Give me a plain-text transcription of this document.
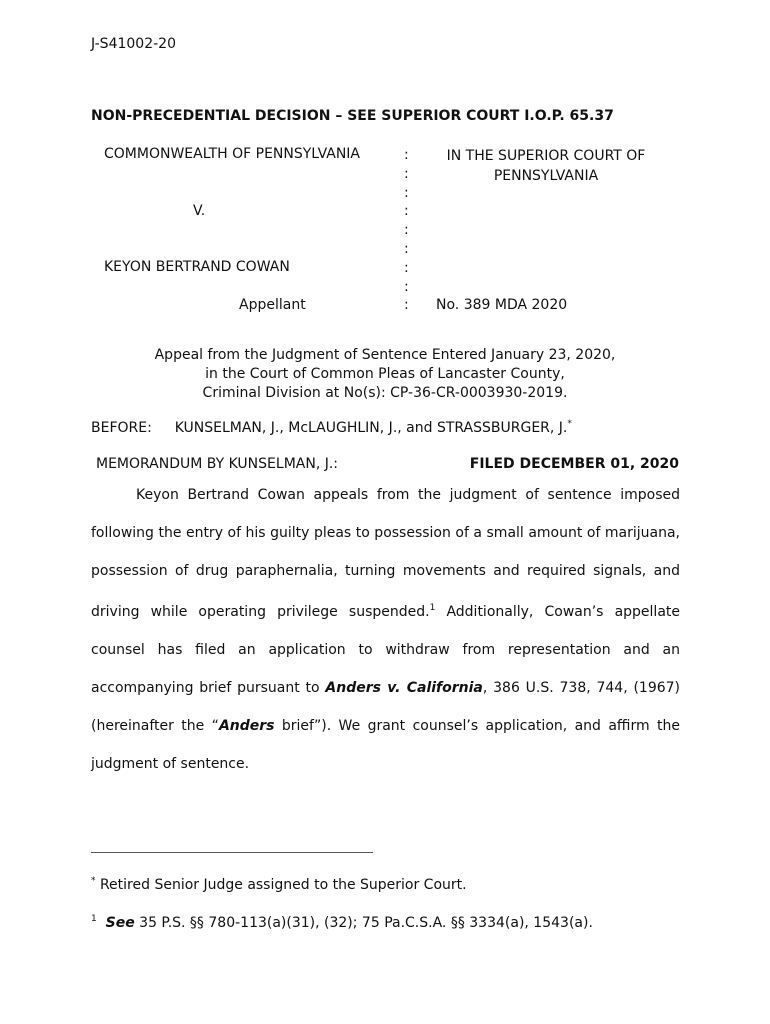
J-S41002-20
NON-PRECEDENTIAL DECISION – SEE SUPERIOR COURT I.O.P. 65.37
COMMONWEALTH OF PENNSYLVANIA
V.
KEYON BERTRAND COWAN
Appellant
:
:
:
:
:
:
:
:
:
IN THE SUPERIOR COURT OF
PENNSYLVANIA
No. 389 MDA 2020
Appeal from the Judgment of Sentence Entered January 23, 2020,
in the Court of Common Pleas of Lancaster County,
Criminal Division at No(s): CP-36-CR-0003930-2019.
BEFORE: KUNSELMAN, J., McLAUGHLIN, J., and STRASSBURGER, J.*
MEMORANDUM BY KUNSELMAN, J.:	FILED DECEMBER 01, 2020

Keyon Bertrand Cowan appeals from the judgment of sentence imposed following the entry of his guilty pleas to possession of a small amount of marijuana, possession of drug paraphernalia, turning movements and required signals, and driving while operating privilege suspended.$^1$ Additionally, Cowan’s appellate counsel has filed an application to withdraw from representation and an accompanying brief pursuant to Anders v. California, 386 U.S. 738, 744, (1967) (hereinafter the “Anders brief”). We grant counsel’s application, and affirm the judgment of sentence.

* Retired Senior Judge assigned to the Superior Court.
$^1$ See 35 P.S. §§ 780-113(a)(31), (32); 75 Pa.C.S.A. §§ 3334(a), 1543(a).
